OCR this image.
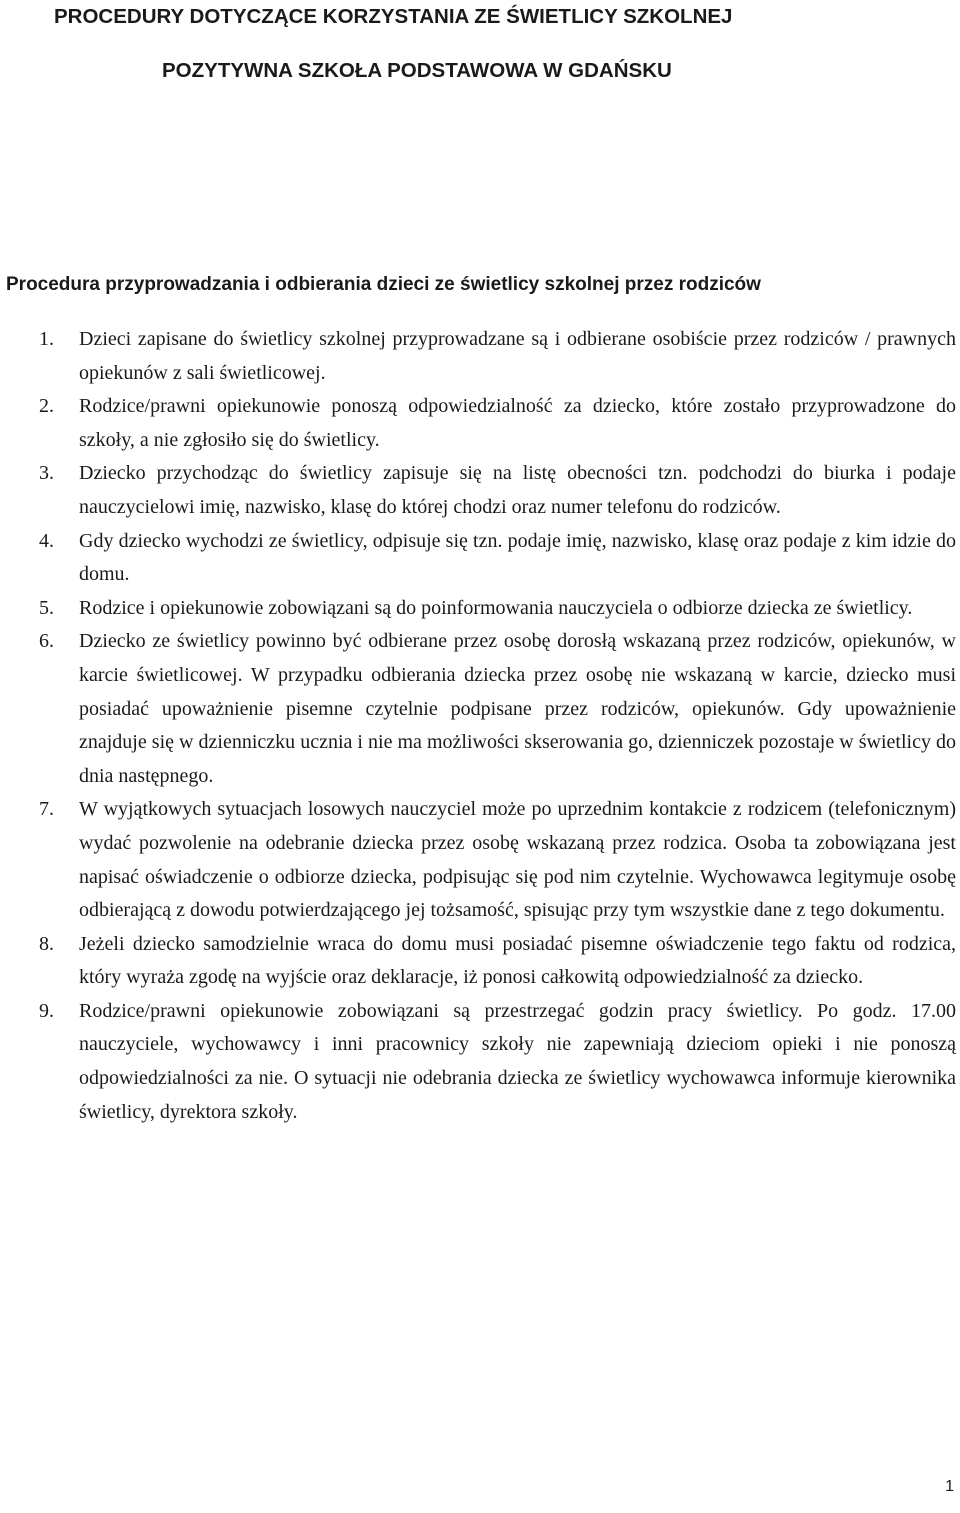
PROCEDURY DOTYCZĄCE KORZYSTANIA ZE ŚWIETLICY SZKOLNEJ
POZYTYWNA SZKOŁA PODSTAWOWA W GDAŃSKU
Procedura przyprowadzania i odbierania dzieci ze świetlicy szkolnej przez rodziców
1. Dzieci zapisane do świetlicy szkolnej przyprowadzane są i odbierane osobiście przez rodziców / prawnych opiekunów z sali świetlicowej.
2. Rodzice/prawni opiekunowie ponoszą odpowiedzialność za dziecko, które zostało przyprowadzone do szkoły, a nie zgłosiło się do świetlicy.
3. Dziecko przychodząc do świetlicy zapisuje się na listę obecności tzn. podchodzi do biurka i podaje nauczycielowi imię, nazwisko, klasę do której chodzi oraz numer telefonu do rodziców.
4. Gdy dziecko wychodzi ze świetlicy, odpisuje się tzn. podaje imię, nazwisko, klasę oraz podaje z kim idzie do domu.
5. Rodzice i opiekunowie zobowiązani są do poinformowania nauczyciela o odbiorze dziecka ze świetlicy.
6. Dziecko ze świetlicy powinno być odbierane przez osobę dorosłą wskazaną przez rodziców, opiekunów, w karcie świetlicowej. W przypadku odbierania dziecka przez osobę nie wskazaną w karcie, dziecko musi posiadać upoważnienie pisemne czytelnie podpisane przez rodziców, opiekunów. Gdy upoważnienie znajduje się w dzienniczku ucznia i nie ma możliwości skserowania go, dzienniczek pozostaje w świetlicy do dnia następnego.
7. W wyjątkowych sytuacjach losowych nauczyciel może po uprzednim kontakcie z rodzicem (telefonicznym) wydać pozwolenie na odebranie dziecka przez osobę wskazaną przez rodzica. Osoba ta zobowiązana jest napisać oświadczenie o odbiorze dziecka, podpisując się pod nim czytelnie. Wychowawca legitymuje osobę odbierającą z dowodu potwierdzającego jej tożsamość, spisując przy tym wszystkie dane z tego dokumentu.
8. Jeżeli dziecko samodzielnie wraca do domu musi posiadać pisemne oświadczenie tego faktu od rodzica, który wyraża zgodę na wyjście oraz deklaracje, iż ponosi całkowitą odpowiedzialność za dziecko.
9. Rodzice/prawni opiekunowie zobowiązani są przestrzegać godzin pracy świetlicy. Po godz. 17.00 nauczyciele, wychowawcy i inni pracownicy szkoły nie zapewniają dzieciom opieki i nie ponoszą odpowiedzialności za nie. O sytuacji nie odebrania dziecka ze świetlicy wychowawca informuje kierownika świetlicy, dyrektora szkoły.
1
